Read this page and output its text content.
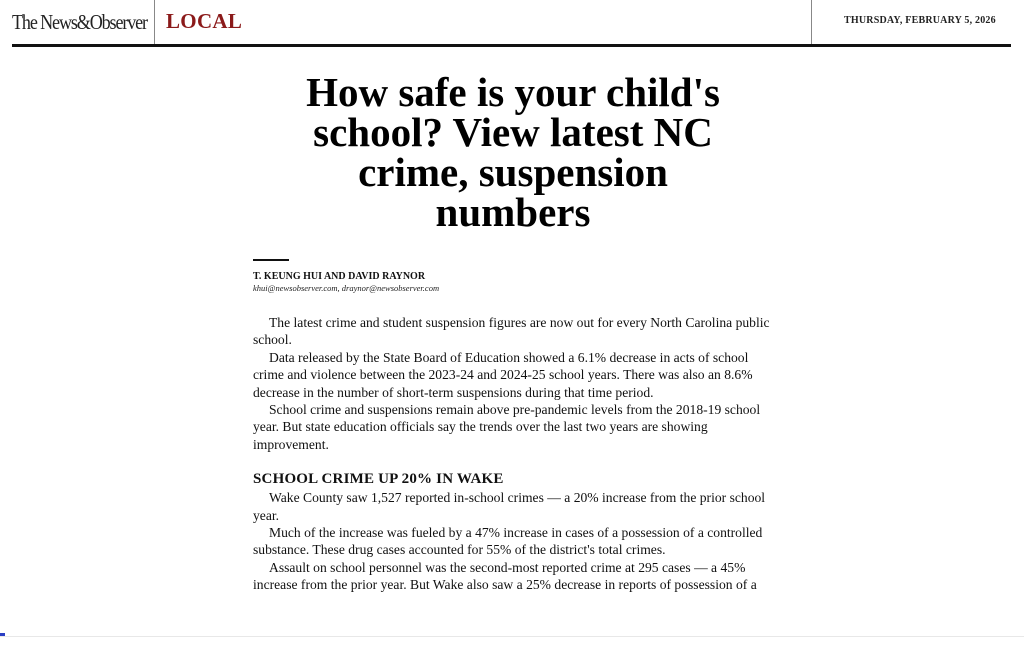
The News&Observer LOCAL	THURSDAY, FEBRUARY 5, 2026
How safe is your child's school? View latest NC crime, suspension numbers
T. KEUNG HUI AND DAVID RAYNOR
khui@newsobserver.com, draynor@newsobserver.com

The latest crime and student suspension figures are now out for every North Carolina public school.

Data released by the State Board of Education showed a 6.1% decrease in acts of school crime and violence between the 2023-24 and 2024-25 school years. There was also an 8.6% decrease in the number of short-term suspensions during that time period.

School crime and suspensions remain above pre-pandemic levels from the 2018-19 school year. But state education officials say the trends over the last two years are showing improvement.

SCHOOL CRIME UP 20% IN WAKE

Wake County saw 1,527 reported in-school crimes — a 20% increase from the prior school year.

Much of the increase was fueled by a 47% increase in cases of a possession of a controlled substance. These drug cases accounted for 55% of the district's total crimes.

Assault on school personnel was the second-most reported crime at 295 cases — a 45% increase from the prior year. But Wake also saw a 25% decrease in reports of possession of a
